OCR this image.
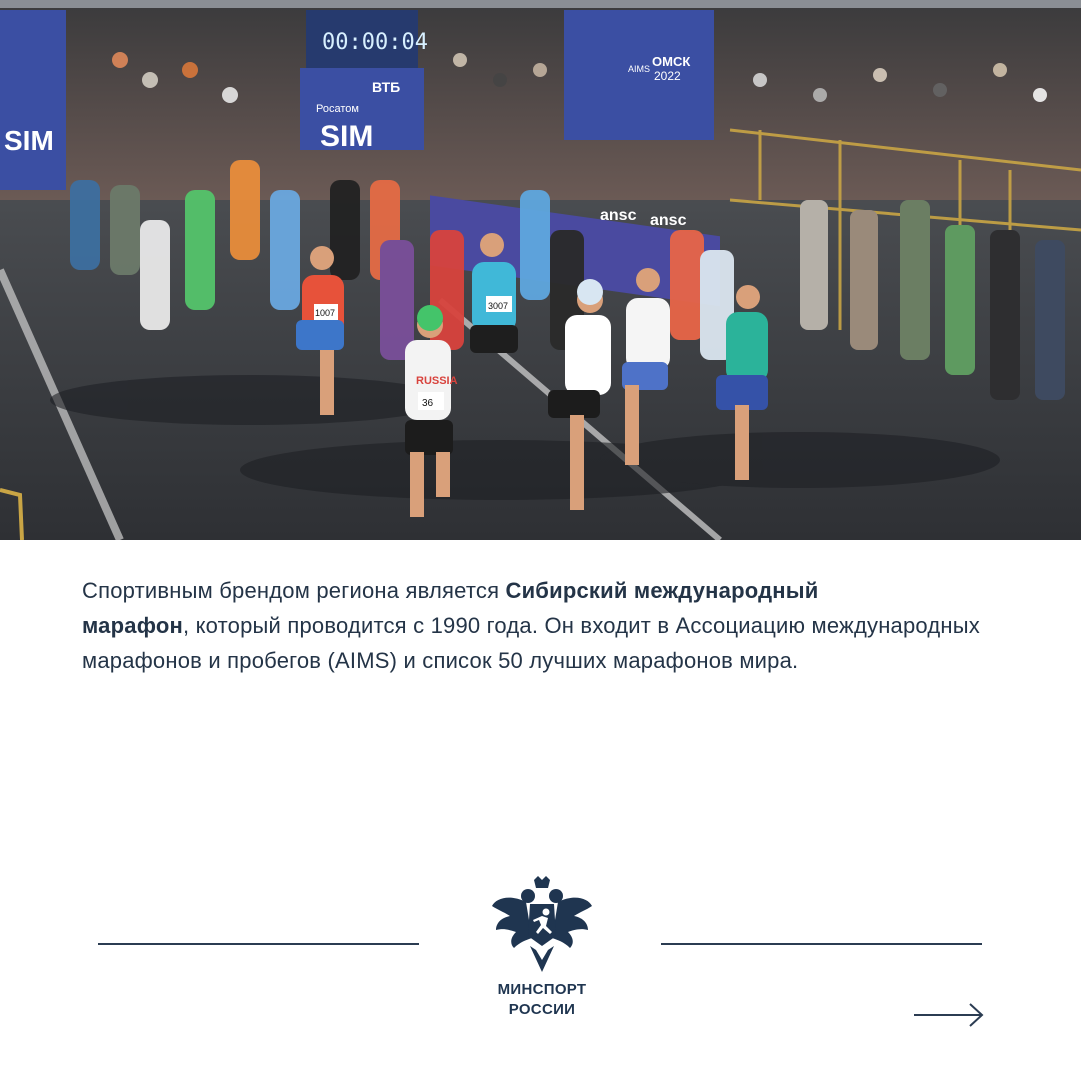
SIM
00:00:04
ВТБ
Росатом
SIM
ОМСК
2022
AIMS
ansc ansc
RUSSIA
36
3007
1007
Спортивным брендом региона является Сибирский международный
марафон, который проводится с 1990 года. Он входит в Ассоциацию международных марафонов и пробегов (AIMS) и список 50 лучших марафонов мира.
МИНСПОРТ
РОССИИ
